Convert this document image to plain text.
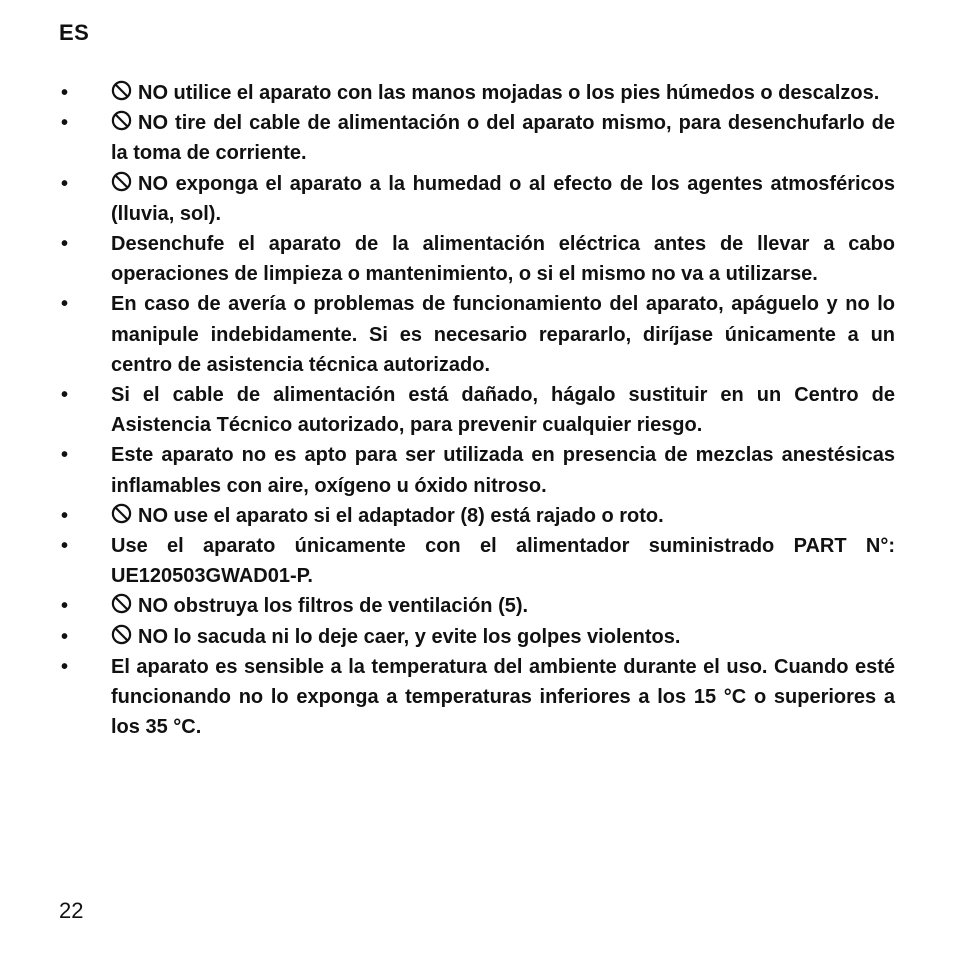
ES
•	NO utilice el aparato con las manos mojadas o los pies húmedos o descalzos.
•	NO tire del cable de alimentación o del aparato mismo, para desenchufarlo de la toma de corriente.
•	NO exponga el aparato a la humedad o al efecto de los agentes atmosféricos (lluvia, sol).
•	Desenchufe el aparato de la alimentación eléctrica antes de llevar a cabo operaciones de limpieza o mantenimiento, o si el mismo no va a utilizarse.
•	En caso de avería o problemas de funcionamiento del aparato, apáguelo y no lo manipule indebidamente. Si es necesario repararlo, diríjase únicamente a un centro de asistencia técnica autorizado.
•	Si el cable de alimentación está dañado, hágalo sustituir en un Centro de Asistencia Técnico autorizado, para prevenir cualquier riesgo.
•	Este aparato no es apto para ser utilizada en presencia de mezclas anestésicas inflamables con aire, oxígeno u óxido nitroso.
•	NO use el aparato si el adaptador (8) está rajado o roto.
•	Use el aparato únicamente con el alimentador suministrado PART N°: UE120503GWAD01-P.
•	NO obstruya los filtros de ventilación (5).
•	NO lo sacuda ni lo deje caer, y evite los golpes violentos.
•	El aparato es sensible a la temperatura del ambiente durante el uso. Cuando esté funcionando no lo exponga a temperaturas inferiores a los 15 °C o superiores a los 35 °C.
22
